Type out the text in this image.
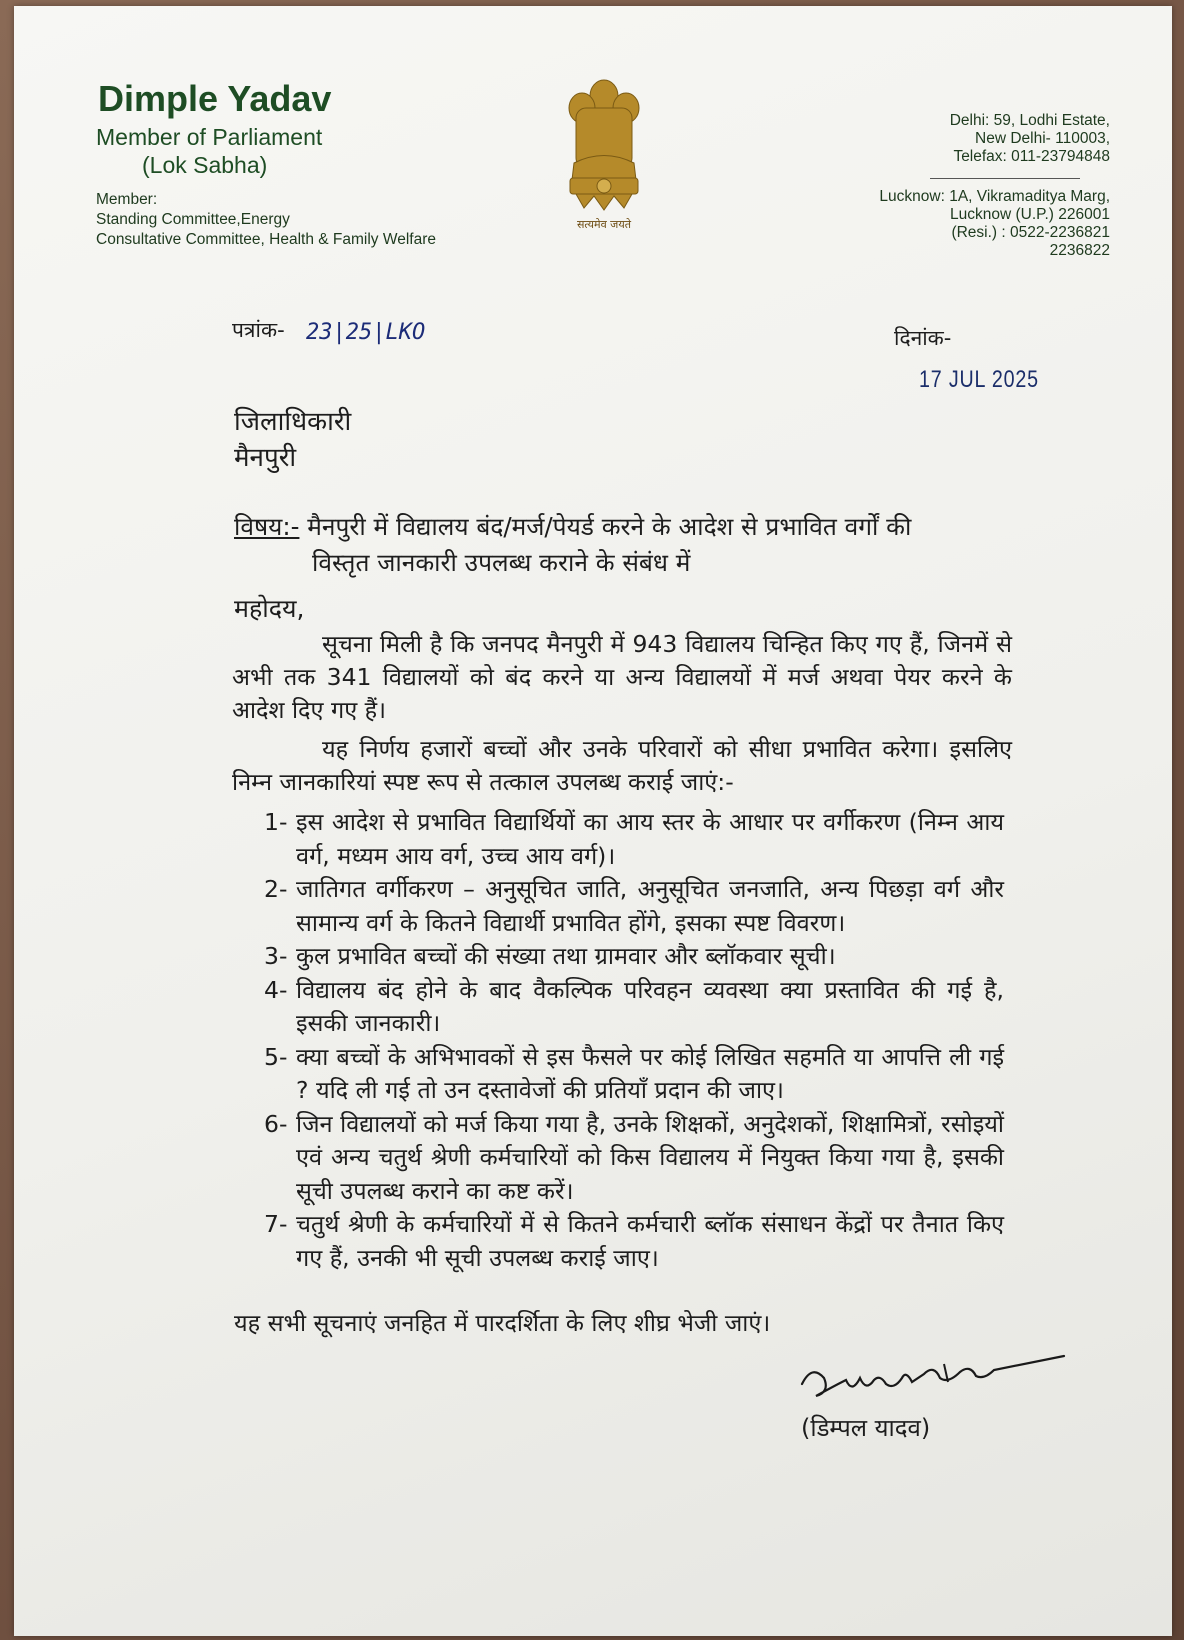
Dimple Yadav
Member of Parliament
(Lok Sabha)
Member:
Standing Committee,Energy
Consultative Committee, Health & Family Welfare
सत्यमेव जयते
Delhi: 59, Lodhi Estate,
New Delhi- 110003,
Telefax: 011-23794848
Lucknow: 1A, Vikramaditya Marg,
Lucknow (U.P.) 226001
(Resi.) : 0522-2236821
2236822
पत्रांक- 23|25|LKO	दिनांक-
17 JUL 2025
जिलाधिकारी
मैनपुरी
विषय:- मैनपुरी में विद्यालय बंद/मर्ज/पेयर्ड करने के आदेश से प्रभावित वर्गों की
विस्तृत जानकारी उपलब्ध कराने के संबंध में
महोदय,
सूचना मिली है कि जनपद मैनपुरी में 943 विद्यालय चिन्हित किए गए हैं, जिनमें से अभी तक 341 विद्यालयों को बंद करने या अन्य विद्यालयों में मर्ज अथवा पेयर करने के आदेश दिए गए हैं।
यह निर्णय हजारों बच्चों और उनके परिवारों को सीधा प्रभावित करेगा। इसलिए निम्न जानकारियां स्पष्ट रूप से तत्काल उपलब्ध कराई जाएं:-
1- इस आदेश से प्रभावित विद्यार्थियों का आय स्तर के आधार पर वर्गीकरण (निम्न आय वर्ग, मध्यम आय वर्ग, उच्च आय वर्ग)।
2- जातिगत वर्गीकरण – अनुसूचित जाति, अनुसूचित जनजाति, अन्य पिछड़ा वर्ग और सामान्य वर्ग के कितने विद्यार्थी प्रभावित होंगे, इसका स्पष्ट विवरण।
3- कुल प्रभावित बच्चों की संख्या तथा ग्रामवार और ब्लॉकवार सूची।
4- विद्यालय बंद होने के बाद वैकल्पिक परिवहन व्यवस्था क्या प्रस्तावित की गई है, इसकी जानकारी।
5- क्या बच्चों के अभिभावकों से इस फैसले पर कोई लिखित सहमति या आपत्ति ली गई ? यदि ली गई तो उन दस्तावेजों की प्रतियाँ प्रदान की जाए।
6- जिन विद्यालयों को मर्ज किया गया है, उनके शिक्षकों, अनुदेशकों, शिक्षामित्रों, रसोइयों एवं अन्य चतुर्थ श्रेणी कर्मचारियों को किस विद्यालय में नियुक्त किया गया है, इसकी सूची उपलब्ध कराने का कष्ट करें।
7- चतुर्थ श्रेणी के कर्मचारियों में से कितने कर्मचारी ब्लॉक संसाधन केंद्रों पर तैनात किए गए हैं, उनकी भी सूची उपलब्ध कराई जाए।
यह सभी सूचनाएं जनहित में पारदर्शिता के लिए शीघ्र भेजी जाएं।
(डिम्पल यादव)
